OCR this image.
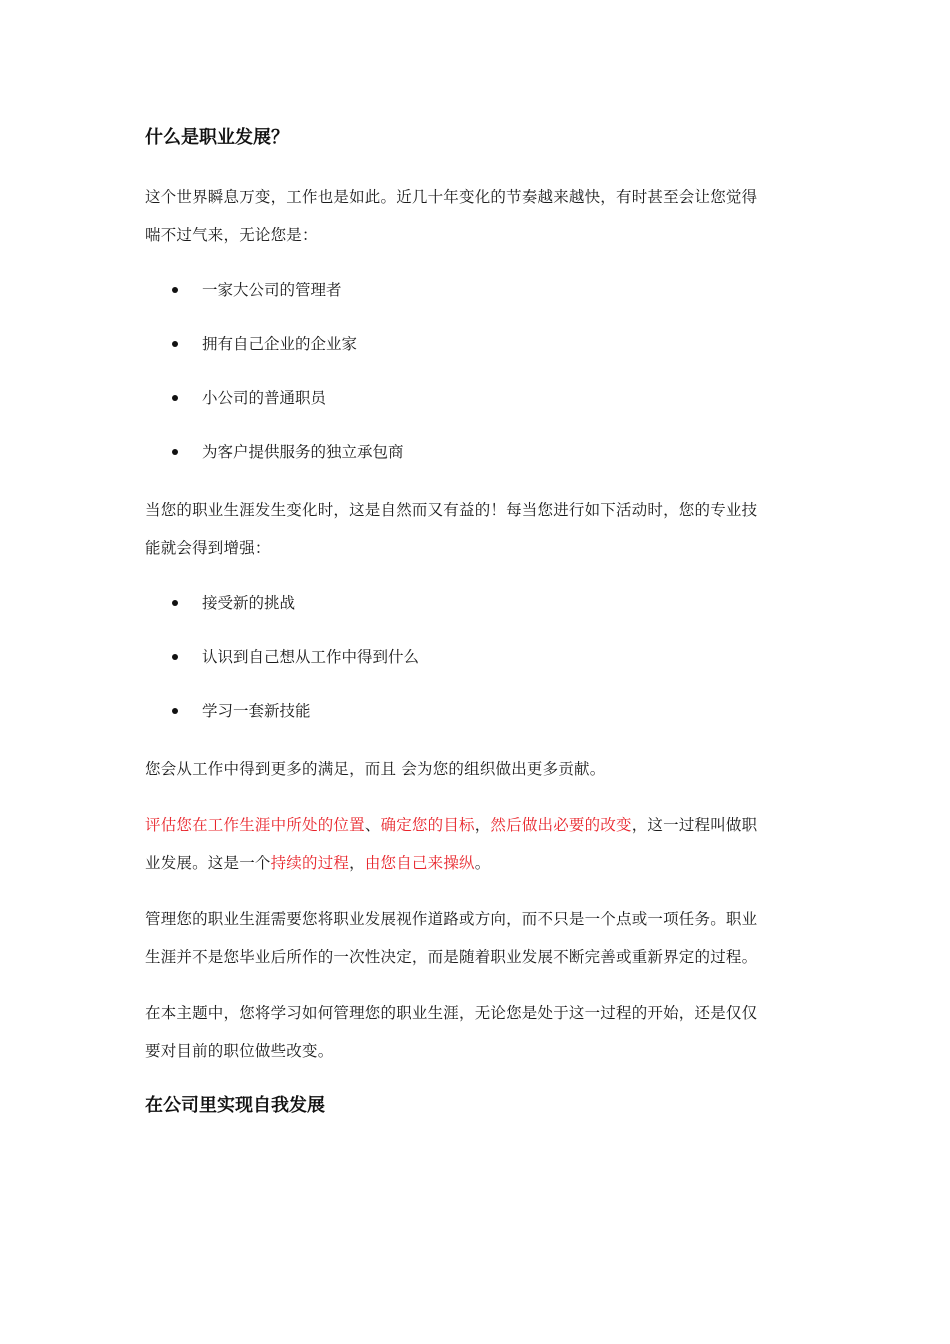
什么是职业发展？

这个世界瞬息万变，工作也是如此。近几十年变化的节奏越来越快，有时甚至会让您觉得
喘不过气来，无论您是：

一家大公司的管理者
拥有自己企业的企业家
小公司的普通职员
为客户提供服务的独立承包商

当您的职业生涯发生变化时，这是自然而又有益的！每当您进行如下活动时，您的专业技
能就会得到增强：

接受新的挑战
认识到自己想从工作中得到什么
学习一套新技能

您会从工作中得到更多的满足，而且 会为您的组织做出更多贡献。

评估您在工作生涯中所处的位置、确定您的目标，然后做出必要的改变，这一过程叫做职
业发展。这是一个持续的过程，由您自己来操纵。

管理您的职业生涯需要您将职业发展视作道路或方向，而不只是一个点或一项任务。职业
生涯并不是您毕业后所作的一次性决定，而是随着职业发展不断完善或重新界定的过程。

在本主题中，您将学习如何管理您的职业生涯，无论您是处于这一过程的开始，还是仅仅
要对目前的职位做些改变。

在公司里实现自我发展
